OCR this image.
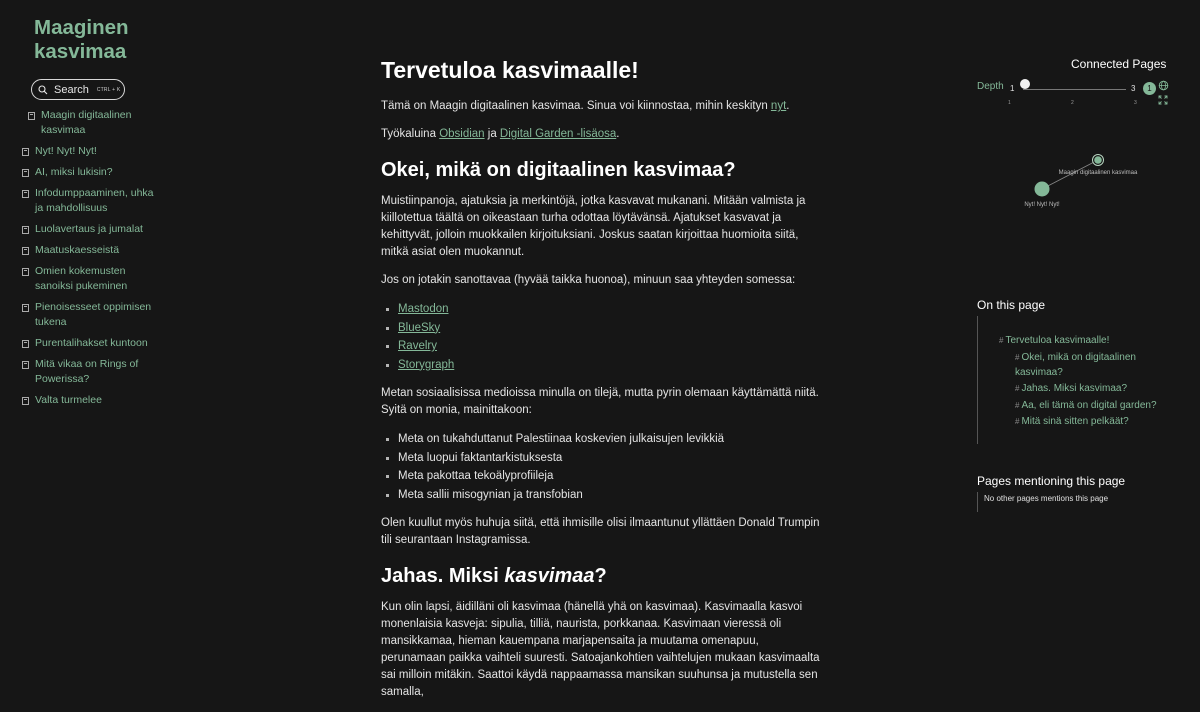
Maaginen kasvimaa
Search CTRL + K
Maagin digitaalinen kasvimaa
Nyt! Nyt! Nyt!
AI, miksi lukisin?
Infodumppaaminen, uhka ja mahdollisuus
Luolavertaus ja jumalat
Maatuskaesseistä
Omien kokemusten sanoiksi pukeminen
Pienoisesseet oppimisen tukena
Purentalihakset kuntoon
Mitä vikaa on Rings of Powerissa?
Valta turmelee
Tervetuloa kasvimaalle!

Tämä on Maagin digitaalinen kasvimaa. Sinua voi kiinnostaa, mihin keskityn nyt.

Työkaluina Obsidian ja Digital Garden -lisäosa.

Okei, mikä on digitaalinen kasvimaa?

Muistiinpanoja, ajatuksia ja merkintöjä, jotka kasvavat mukanani. Mitään valmista ja kiillotettua täältä on oikeastaan turha odottaa löytävänsä. Ajatukset kasvavat ja kehittyvät, jolloin muokkailen kirjoituksiani. Joskus saatan kirjoittaa huomioita siitä, mitkä asiat olen muokannut.

Jos on jotakin sanottavaa (hyvää taikka huonoa), minuun saa yhteyden somessa:

Mastodon
BlueSky
Ravelry
Storygraph

Metan sosiaalisissa medioissa minulla on tilejä, mutta pyrin olemaan käyttämättä niitä. Syitä on monia, mainittakoon:

Meta on tukahduttanut Palestiinaa koskevien julkaisujen levikkiä
Meta luopui faktantarkistuksesta
Meta pakottaa tekoälyprofiileja
Meta sallii misogynian ja transfobian

Olen kuullut myös huhuja siitä, että ihmisille olisi ilmaantunut yllättäen Donald Trumpin tili seurantaan Instagramissa.

Jahas. Miksi kasvimaa?

Kun olin lapsi, äidilläni oli kasvimaa (hänellä yhä on kasvimaa). Kasvimaalla kasvoi monenlaisia kasveja: sipulia, tilliä, naurista, porkkanaa. Kasvimaan vieressä oli mansikkamaa, hieman kauempana marjapensaita ja muutama omenapuu, perunamaan paikka vaihteli suuresti. Satoajankohtien vaihtelujen mukaan kasvimaalta sai milloin mitäkin. Saattoi käydä nappaamassa mansikan suuhunsa ja mutustella sen samalla,

Connected Pages
Depth 1	3	1
1	2	3
Maagin digitaalinen kasvimaa
Nyt! Nyt! Nyt!
On this page
# Tervetuloa kasvimaalle!
# Okei, mikä on digitaalinen kasvimaa?
# Jahas. Miksi kasvimaa?
# Aa, eli tämä on digital garden?
# Mitä sinä sitten pelkäät?
Pages mentioning this page
No other pages mentions this page
